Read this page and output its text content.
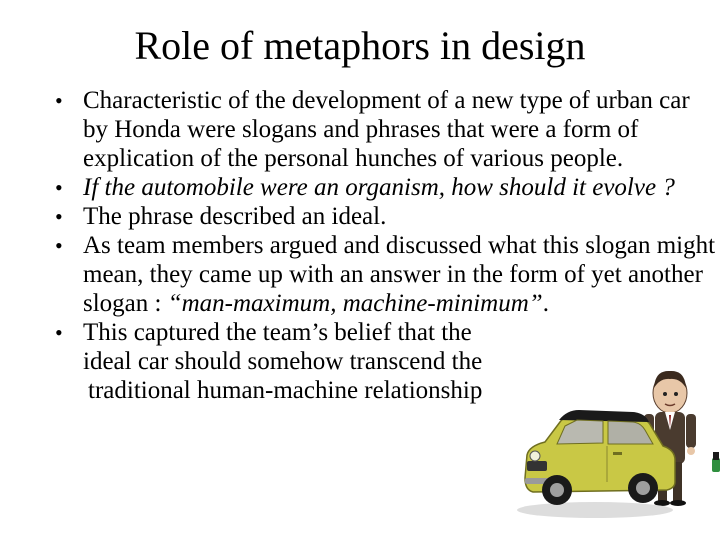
Role of metaphors in design

• Characteristic of the development of a new type of urban car by Honda were slogans and phrases that were a form of explication of the personal hunches of various people.

• If the automobile were an organism, how should it evolve ?

• The phrase described an ideal.

• As team members argued and discussed what this slogan might mean, they came up with an answer in the form of yet another slogan : “man-maximum, machine-minimum”.

• This captured the team’s belief that the
ideal car should somehow transcend the
traditional human-machine relationship
